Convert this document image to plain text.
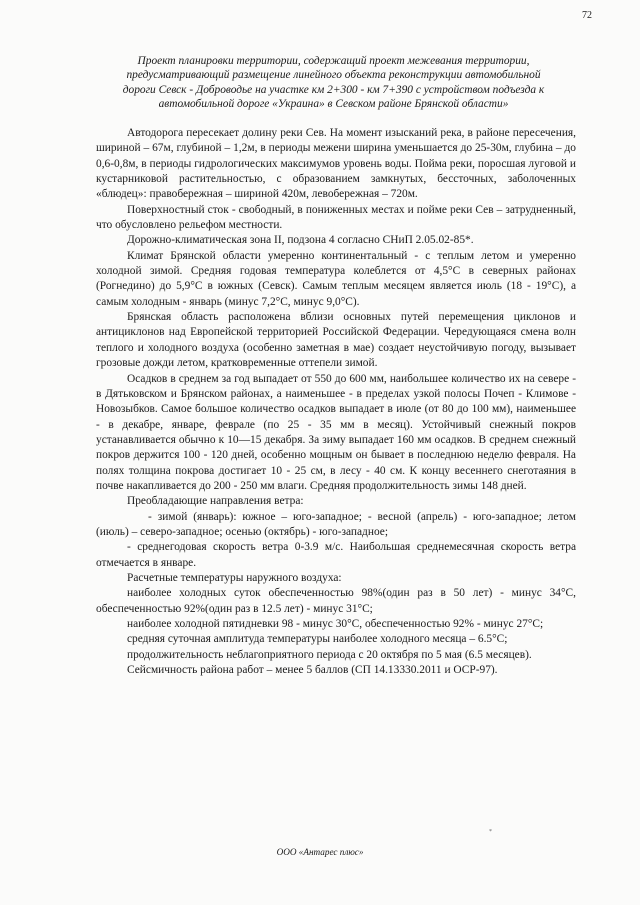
72
Проект планировки территории, содержащий проект межевания территории,
предусматривающий размещение линейного объекта реконструкции автомобильной
дороги Севск - Доброводье на участке км 2+300 - км 7+390 с устройством подъезда к
автомобильной дороге «Украина» в Севском районе Брянской области»

Автодорога пересекает долину реки Сев. На момент изысканий река, в районе пересечения, шириной – 67м, глубиной – 1,2м, в периоды межени ширина уменьшается до 25-30м, глубина – до 0,6-0,8м, в периоды гидрологических максимумов уровень воды. Пойма реки, поросшая луговой и кустарниковой растительностью, с образованием замкнутых, бессточных, заболоченных «блюдец»: правобережная – шириной 420м, левобережная – 720м.

Поверхностный сток - свободный, в пониженных местах и пойме реки Сев – затрудненный, что обусловлено рельефом местности.

Дорожно-климатическая зона II, подзона 4 согласно СНиП 2.05.02-85*.

Климат Брянской области умеренно континентальный - с теплым летом и умеренно холодной зимой. Средняя годовая температура колеблется от 4,5°С в северных районах (Рогнедино) до 5,9°С в южных (Севск). Самым теплым месяцем является июль (18 - 19°С), а самым холодным - январь (минус 7,2°С, минус 9,0°С).

Брянская область расположена вблизи основных путей перемещения циклонов и антициклонов над Европейской территорией Российской Федерации. Чередующаяся смена волн теплого и холодного воздуха (особенно заметная в мае) создает неустойчивую погоду, вызывает грозовые дожди летом, кратковременные оттепели зимой.

Осадков в среднем за год выпадает от 550 до 600 мм, наибольшее количество их на севере - в Дятьковском и Брянском районах, а наименьшее - в пределах узкой полосы Почеп - Климове - Новозыбков. Самое большое количество осадков выпадает в июле (от 80 до 100 мм), наименьшее - в декабре, январе, феврале (по 25 - 35 мм в месяц). Устойчивый снежный покров устанавливается обычно к 10—15 декабря. За зиму выпадает 160 мм осадков. В среднем снежный покров держится 100 - 120 дней, особенно мощным он бывает в последнюю неделю февраля. На полях толщина покрова достигает 10 - 25 см, в лесу - 40 см. К концу весеннего снеготаяния в почве накапливается до 200 - 250 мм влаги. Средняя продолжительность зимы 148 дней.

Преобладающие направления ветра:

- зимой (январь): южное – юго-западное; - весной (апрель) - юго-западное; летом (июль) – северо-западное; осенью (октябрь) - юго-западное;

- среднегодовая скорость ветра 0-3.9 м/с. Наибольшая среднемесячная скорость ветра отмечается в январе.

Расчетные температуры наружного воздуха:

наиболее холодных суток обеспеченностью 98%(один раз в 50 лет) - минус 34°С, обеспеченностью 92%(один раз в 12.5 лет) - минус 31°С;

наиболее холодной пятидневки 98 - минус 30°С, обеспеченностью 92% - минус 27°С;

средняя суточная амплитуда температуры наиболее холодного месяца – 6.5°С;

продолжительность неблагоприятного периода с 20 октября по 5 мая (6.5 месяцев).

Сейсмичность района работ – менее 5 баллов (СП 14.13330.2011 и ОСР-97).

*
ООО «Антарес плюс»
